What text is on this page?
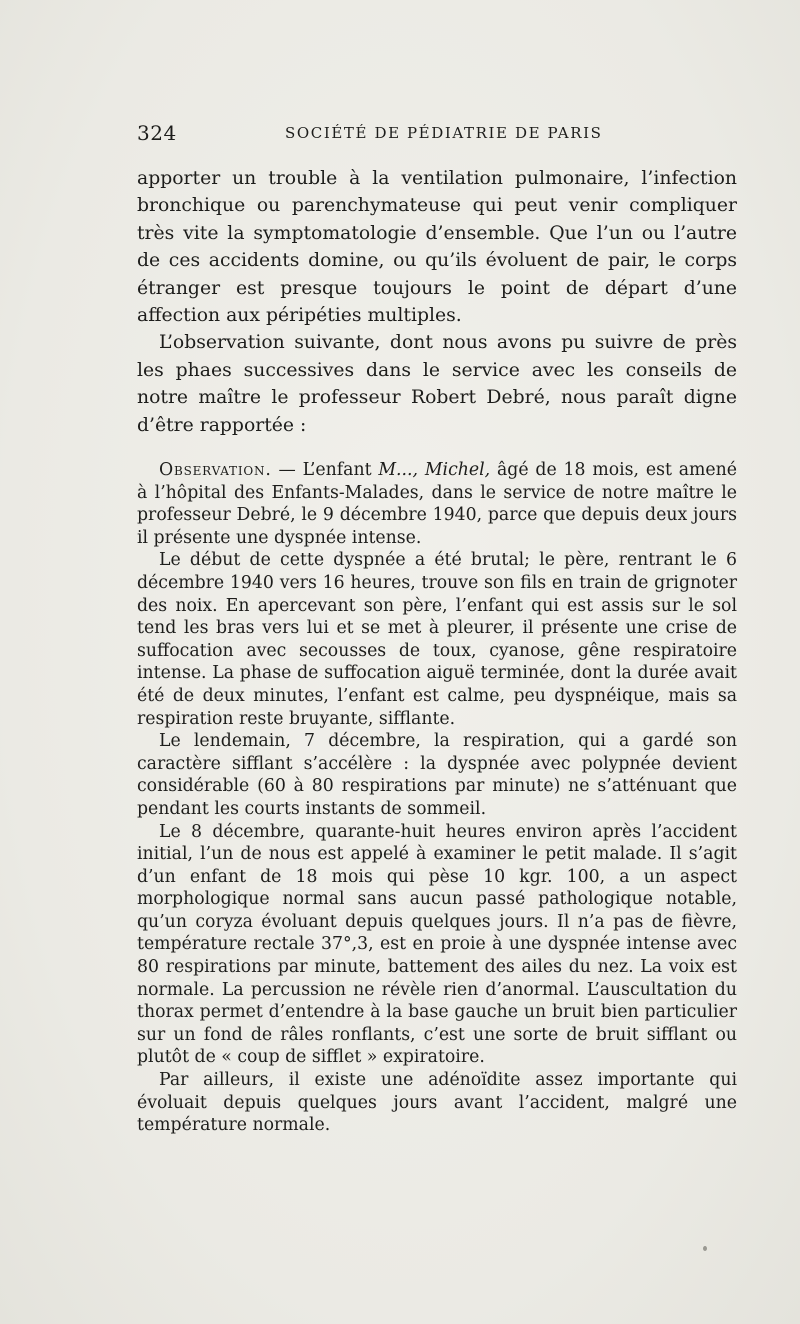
324	SOCIÉTÉ DE PÉDIATRIE DE PARIS

apporter un trouble à la ventilation pulmonaire, l’infection bronchique ou parenchymateuse qui peut venir compliquer très vite la symptomatologie d’ensemble. Que l’un ou l’autre de ces accidents domine, ou qu’ils évoluent de pair, le corps étranger est presque toujours le point de départ d’une affection aux péripéties multiples.

L’observation suivante, dont nous avons pu suivre de près les phaes successives dans le service avec les conseils de notre maître le professeur Robert Debré, nous paraît digne d’être rapportée :

Observation. — L’enfant M..., Michel, âgé de 18 mois, est amené à l’hôpital des Enfants-Malades, dans le service de notre maître le professeur Debré, le 9 décembre 1940, parce que depuis deux jours il présente une dyspnée intense.

Le début de cette dyspnée a été brutal; le père, rentrant le 6 décembre 1940 vers 16 heures, trouve son fils en train de grignoter des noix. En apercevant son père, l’enfant qui est assis sur le sol tend les bras vers lui et se met à pleurer, il présente une crise de suffocation avec secousses de toux, cyanose, gêne respiratoire intense. La phase de suffocation aiguë terminée, dont la durée avait été de deux minutes, l’enfant est calme, peu dyspnéique, mais sa respiration reste bruyante, sifflante.

Le lendemain, 7 décembre, la respiration, qui a gardé son caractère sifflant s’accélère : la dyspnée avec polypnée devient considérable (60 à 80 respirations par minute) ne s’atténuant que pendant les courts instants de sommeil.

Le 8 décembre, quarante-huit heures environ après l’accident initial, l’un de nous est appelé à examiner le petit malade. Il s’agit d’un enfant de 18 mois qui pèse 10 kgr. 100, a un aspect morphologique normal sans aucun passé pathologique notable, qu’un coryza évoluant depuis quelques jours. Il n’a pas de fièvre, température rectale 37°,3, est en proie à une dyspnée intense avec 80 respirations par minute, battement des ailes du nez. La voix est normale. La percussion ne révèle rien d’anormal. L’auscultation du thorax permet d’entendre à la base gauche un bruit bien particulier sur un fond de râles ronflants, c’est une sorte de bruit sifflant ou plutôt de « coup de sifflet » expiratoire.

Par ailleurs, il existe une adénoïdite assez importante qui évoluait depuis quelques jours avant l’accident, malgré une température normale.
